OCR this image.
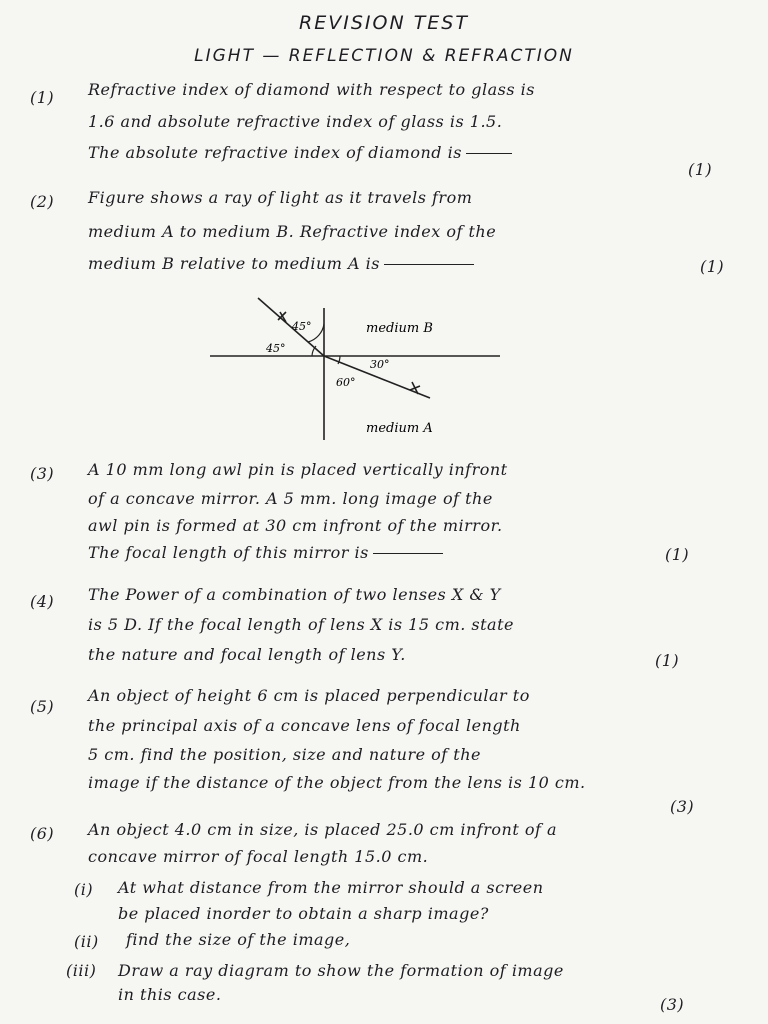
REVISION TEST
LIGHT — REFLECTION & REFRACTION
(1) Refractive index of diamond with respect to glass is
1.6 and absolute refractive index of glass is 1.5.
The absolute refractive index of diamond is
(1)
(2) Figure shows a ray of light as it travels from
medium A to medium B. Refractive index of the
medium B relative to medium A is	(1)
45°
45°
30°
60°
medium B
medium A
(3) A 10 mm long awl pin is placed vertically infront
of a concave mirror. A 5 mm. long image of the
awl pin is formed at 30 cm infront of the mirror.
The focal length of this mirror is	(1)
(4) The Power of a combination of two lenses X & Y
is 5 D. If the focal length of lens X is 15 cm. state
the nature and focal length of lens Y.	(1)
(5)
An object of height 6 cm is placed perpendicular to
the principal axis of a concave lens of focal length
5 cm. find the position, size and nature of the
image if the distance of the object from the lens is 10 cm.
(3)
(6) An object 4.0 cm in size, is placed 25.0 cm infront of a
concave mirror of focal length 15.0 cm.
(i) At what distance from the mirror should a screen
be placed inorder to obtain a sharp image?
(ii) find the size of the image,
(iii) Draw a ray diagram to show the formation of image
in this case.
(3)
